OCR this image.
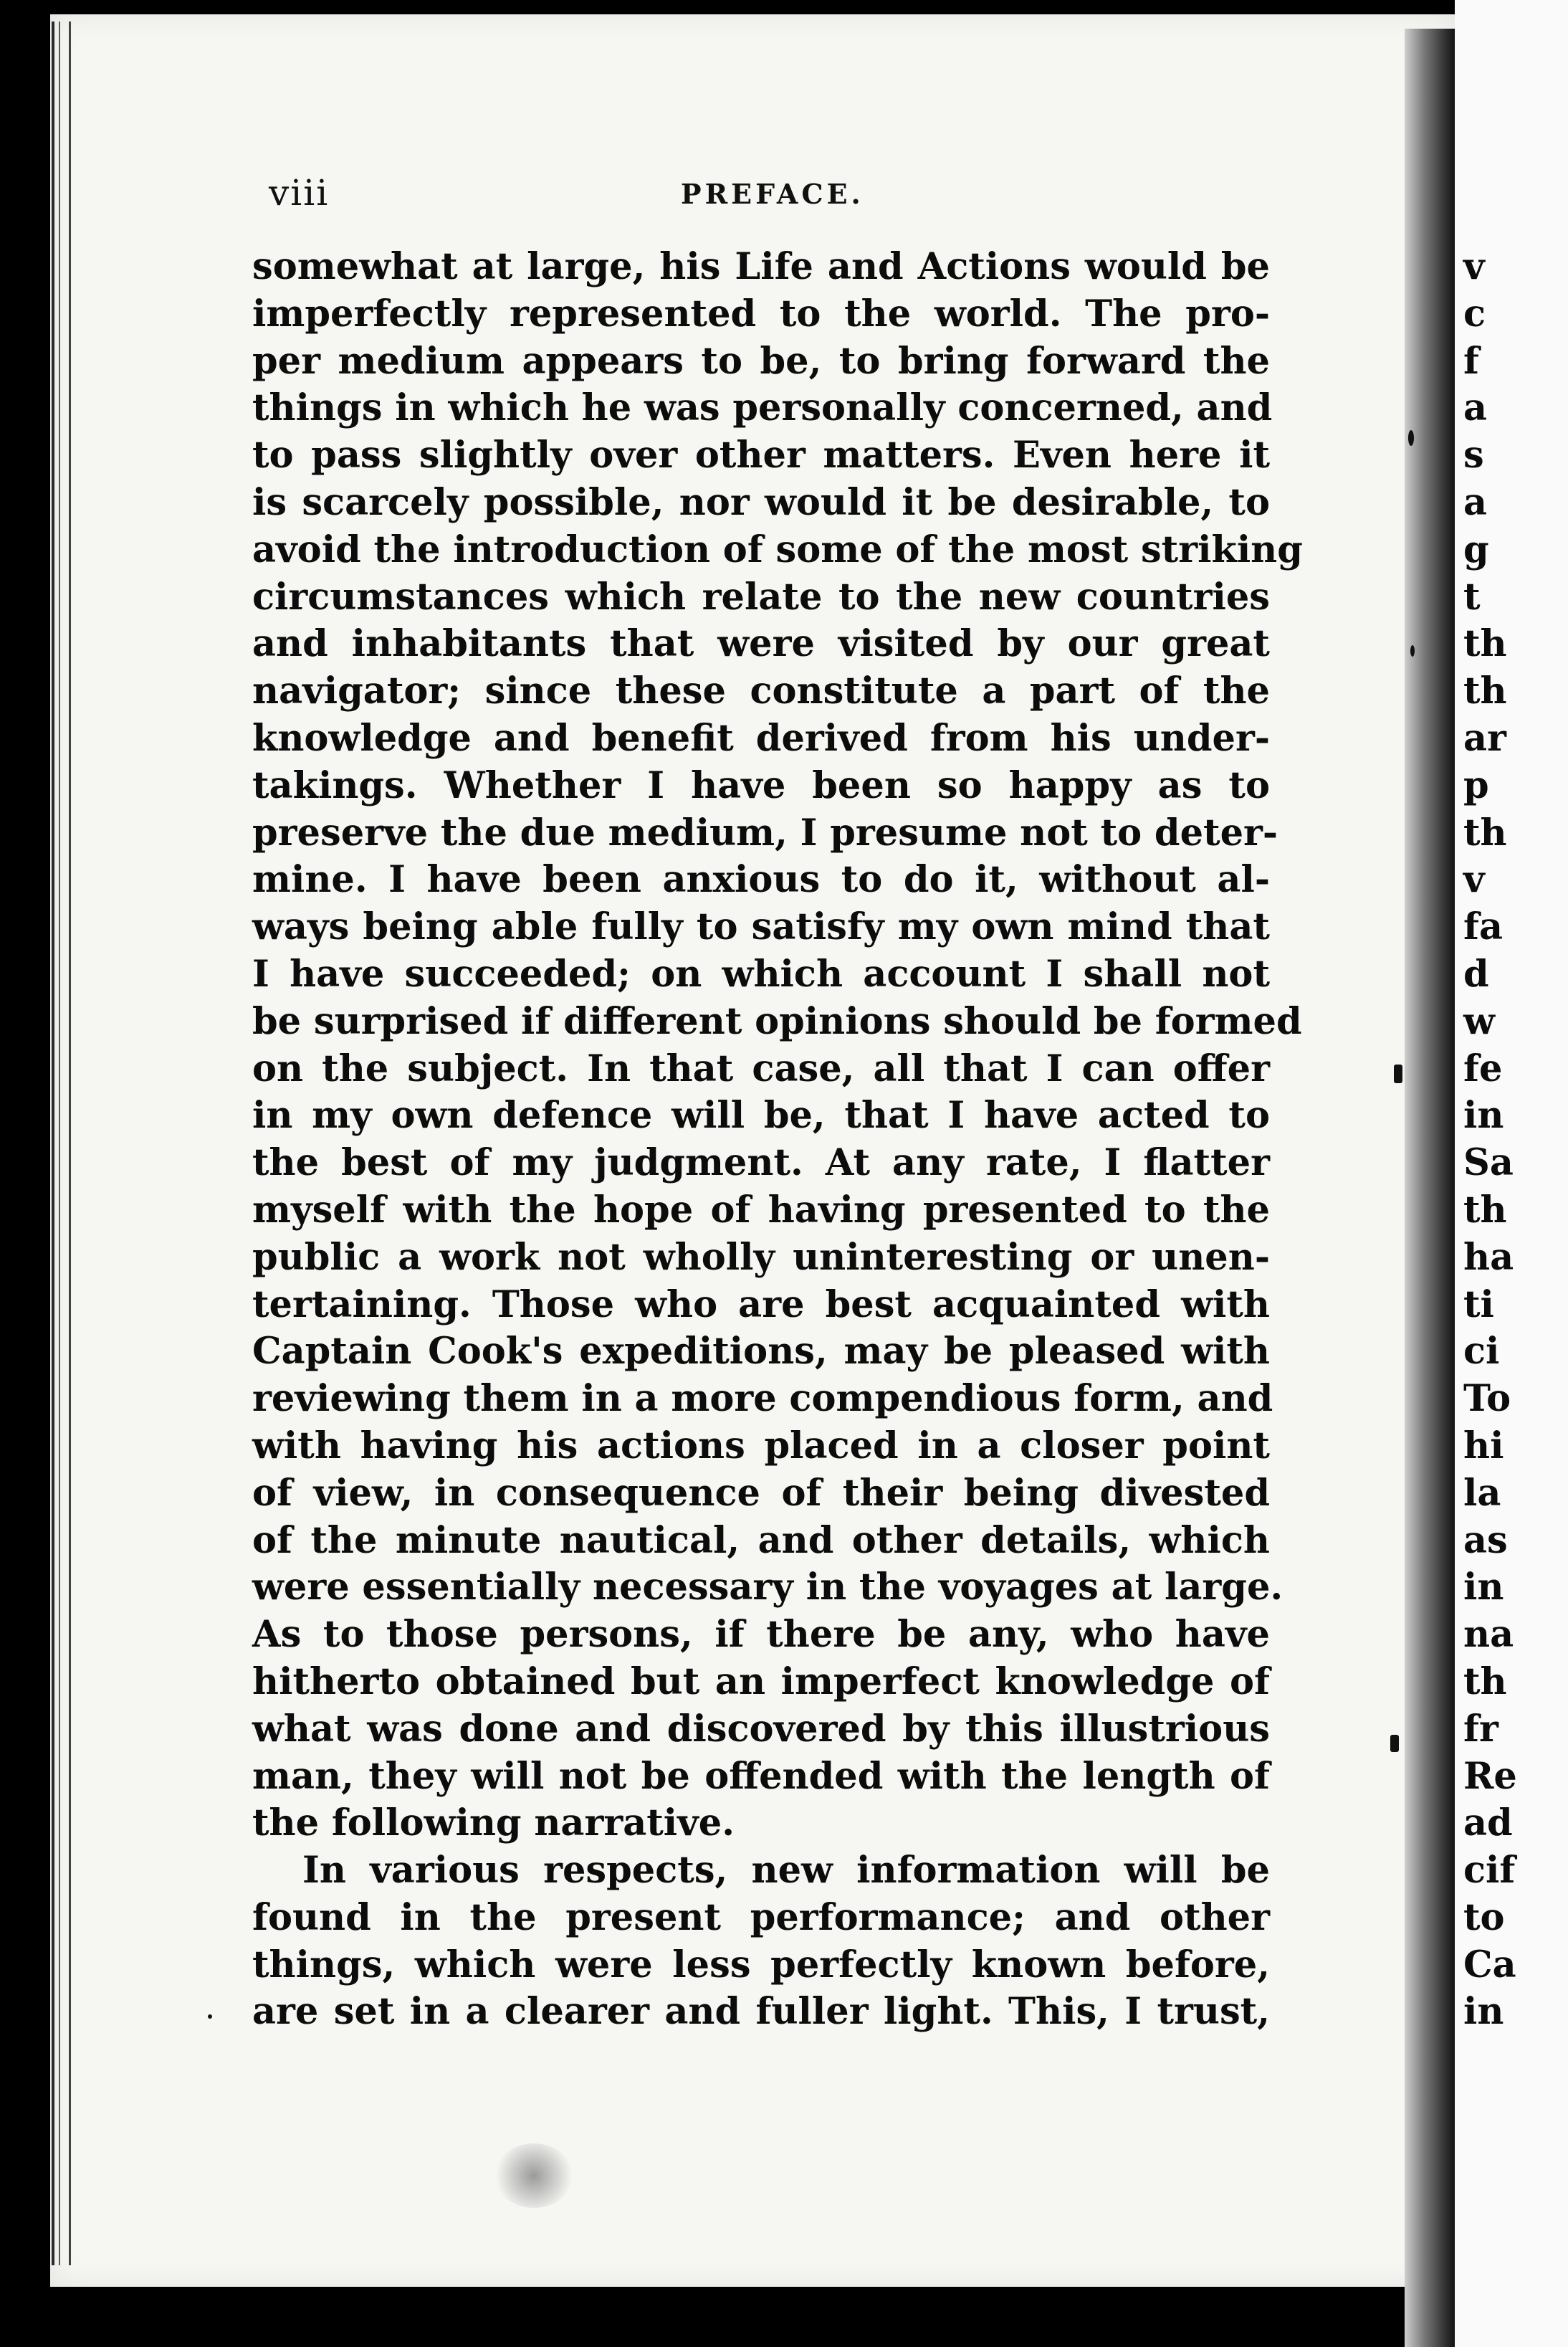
v
c
f
a
s
a
g
t
th
th
ar
p
th
v
fa
d
w
fe
in
Sa
th
ha
ti
ci
To
hi
la
as
in
na
th
fr
Re
ad
cif
to
Ca
in
viii	PREFACE.
somewhat at large, his Life and Actions would be
imperfectly represented to the world. The pro-
per medium appears to be, to bring forward the
things in which he was personally concerned, and
to pass slightly over other matters. Even here it
is scarcely possible, nor would it be desirable, to
avoid the introduction of some of the most striking
circumstances which relate to the new countries
and inhabitants that were visited by our great
navigator; since these constitute a part of the
knowledge and benefit derived from his under-
takings. Whether I have been so happy as to
preserve the due medium, I presume not to deter-
mine. I have been anxious to do it, without al-
ways being able fully to satisfy my own mind that
I have succeeded; on which account I shall not
be surprised if different opinions should be formed
on the subject. In that case, all that I can offer
in my own defence will be, that I have acted to
the best of my judgment. At any rate, I flatter
myself with the hope of having presented to the
public a work not wholly uninteresting or unen-
tertaining. Those who are best acquainted with
Captain Cook's expeditions, may be pleased with
reviewing them in a more compendious form, and
with having his actions placed in a closer point
of view, in consequence of their being divested
of the minute nautical, and other details, which
were essentially necessary in the voyages at large.
As to those persons, if there be any, who have
hitherto obtained but an imperfect knowledge of
what was done and discovered by this illustrious
man, they will not be offended with the length of
the following narrative.
In various respects, new information will be
found in the present performance; and other
things, which were less perfectly known before,
are set in a clearer and fuller light. This, I trust,
